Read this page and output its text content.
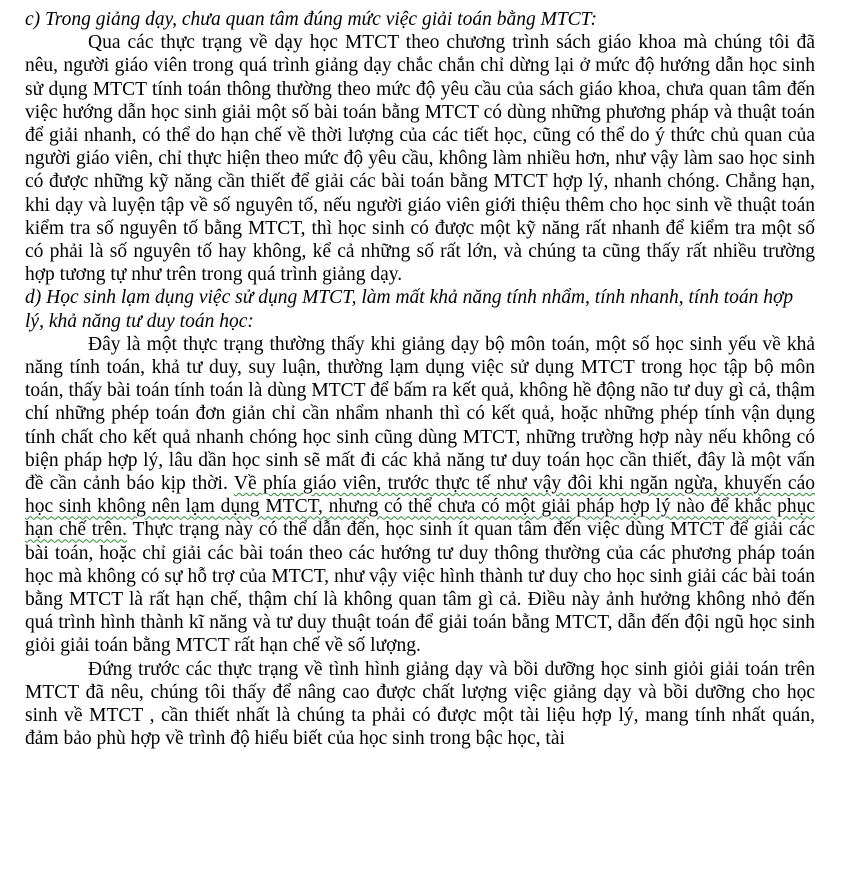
c) Trong giảng dạy, chưa quan tâm đúng mức việc giải toán bằng MTCT:

Qua các thực trạng về dạy học MTCT theo chương trình sách giáo khoa mà chúng tôi đã nêu, người giáo viên trong quá trình giảng dạy chắc chắn chỉ dừng lại ở mức độ hướng dẫn học sinh sử dụng MTCT tính toán thông thường theo mức độ yêu cầu của sách giáo khoa, chưa quan tâm đến việc hướng dẫn học sinh giải một số bài toán bằng MTCT có dùng những phương pháp và thuật toán để giải nhanh, có thể do hạn chế về thời lượng của các tiết học, cũng có thể do ý thức chủ quan của người giáo viên, chỉ thực hiện theo mức độ yêu cầu, không làm nhiều hơn, như vậy làm sao học sinh có được những kỹ năng cần thiết để giải các bài toán bằng MTCT hợp lý, nhanh chóng. Chẳng hạn, khi dạy và luyện tập về số nguyên tố, nếu người giáo viên giới thiệu thêm cho học sinh về thuật toán kiểm tra số nguyên tố bằng MTCT, thì học sinh có được một kỹ năng rất nhanh để kiểm tra một số có phải là số nguyên tố hay không, kể cả những số rất lớn, và chúng ta cũng thấy rất nhiều trường hợp tương tự như trên trong quá trình giảng dạy.

d) Học sinh lạm dụng việc sử dụng MTCT, làm mất khả năng tính nhẩm, tính nhanh, tính toán hợp lý, khả năng tư duy toán học:

Đây là một thực trạng thường thấy khi giảng dạy bộ môn toán, một số học sinh yếu về khả năng tính toán, khả tư duy, suy luận, thường lạm dụng việc sử dụng MTCT trong học tập bộ môn toán, thấy bài toán tính toán là dùng MTCT để bấm ra kết quả, không hề động não tư duy gì cả, thậm chí những phép toán đơn giản chỉ cần nhẩm nhanh thì có kết quả, hoặc những phép tính vận dụng tính chất cho kết quả nhanh chóng học sinh cũng dùng MTCT, những trường hợp này nếu không có biện pháp hợp lý, lâu dần học sinh sẽ mất đi các khả năng tư duy toán học cần thiết, đây là một vấn đề cần cảnh báo kịp thời. Về phía giáo viên, trước thực tế như vậy đôi khi ngăn ngừa, khuyến cáo học sinh không nên lạm dụng MTCT, nhưng có thể chưa có một giải pháp hợp lý nào để khắc phục hạn chế trên. Thực trạng này có thể dẫn đến, học sinh ít quan tâm đến việc dùng MTCT để giải các bài toán, hoặc chỉ giải các bài toán theo các hướng tư duy thông thường của các phương pháp toán học mà không có sự hỗ trợ của MTCT, như vậy việc hình thành tư duy cho học sinh giải các bài toán bằng MTCT là rất hạn chế, thậm chí là không quan tâm gì cả. Điều này ảnh hưởng không nhỏ đến quá trình hình thành kĩ năng và tư duy thuật toán để giải toán bằng MTCT, dẫn đến đội ngũ học sinh giỏi giải toán bằng MTCT rất hạn chế về số lượng.

Đứng trước các thực trạng về tình hình giảng dạy và bồi dưỡng học sinh giỏi giải toán trên MTCT đã nêu, chúng tôi thấy để nâng cao được chất lượng việc giảng dạy và bồi dưỡng cho học sinh về MTCT , cần thiết nhất là chúng ta phải có được một tài liệu hợp lý, mang tính nhất quán, đảm bảo phù hợp về trình độ hiểu biết của học sinh trong bậc học, tài
